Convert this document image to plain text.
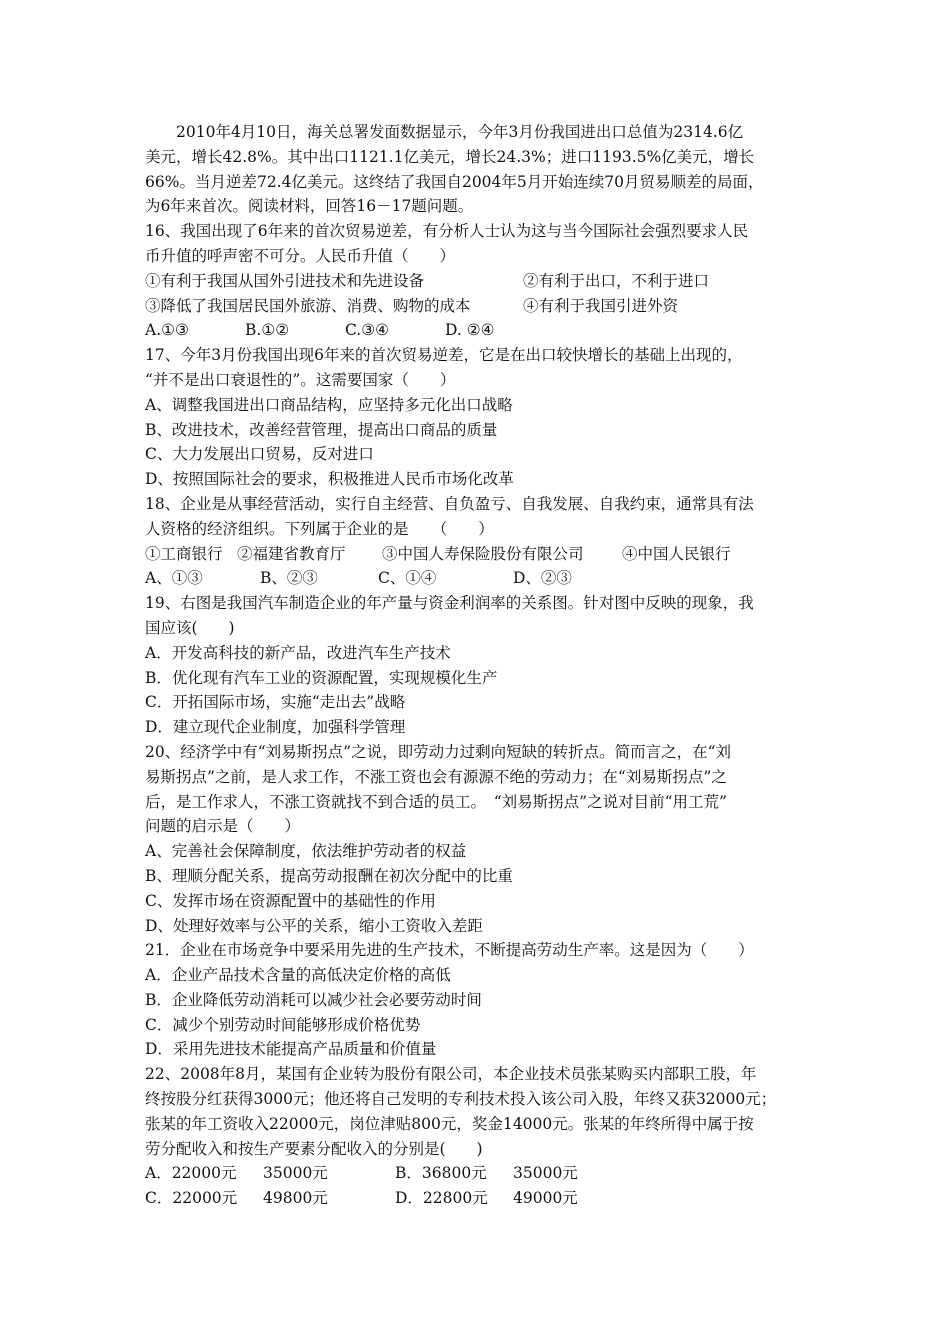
2010年4月10日，海关总署发面数据显示，今年3月份我国进出口总值为2314.6亿

美元，增长42.8%。其中出口1121.1亿美元，增长24.3%；进口1193.5%亿美元，增长

66%。当月逆差72.4亿美元。这终结了我国自2004年5月开始连续70月贸易顺差的局面，

为6年来首次。阅读材料，回答16－17题问题。

16、我国出现了6年来的首次贸易逆差，有分析人士认为这与当今国际社会强烈要求人民

币升值的呼声密不可分。人民币升值（　　）

①有利于我国从国外引进技术和先进设备	②有利于出口，不利于进口
③降低了我国居民国外旅游、消费、购物的成本	④有利于我国引进外资
A.①③	B.①②	C.③④	D. ②④

17、今年3月份我国出现6年来的首次贸易逆差，它是在出口较快增长的基础上出现的，

“并不是出口衰退性的”。这需要国家（　　）

A、调整我国进出口商品结构，应坚持多元化出口战略

B、改进技术，改善经营管理，提高出口商品的质量

C、大力发展出口贸易，反对进口

D、按照国际社会的要求，积极推进人民币市场化改革

18、企业是从事经营活动，实行自主经营、自负盈亏、自我发展、自我约束，通常具有法

人资格的经济组织。下列属于企业的是　　（　　）

①工商银行 ②福建省教育厅	③中国人寿保险股份有限公司	④中国人民银行
A、①③	B、②③	C、①④	D、②③

19、右图是我国汽车制造企业的年产量与资金利润率的关系图。针对图中反映的现象，我

国应该(　　)

A．开发高科技的新产品，改进汽车生产技术

B．优化现有汽车工业的资源配置，实现规模化生产

C．开拓国际市场，实施“走出去”战略

D．建立现代企业制度，加强科学管理

20、经济学中有“刘易斯拐点”之说，即劳动力过剩向短缺的转折点。简而言之，在“刘

易斯拐点”之前，是人求工作，不涨工资也会有源源不绝的劳动力；在“刘易斯拐点”之

后，是工作求人，不涨工资就找不到合适的员工。　“刘易斯拐点”之说对目前“用工荒”

问题的启示是（　　）

A、完善社会保障制度，依法维护劳动者的权益

B、理顺分配关系，提高劳动报酬在初次分配中的比重

C、发挥市场在资源配置中的基础性的作用

D、处理好效率与公平的关系，缩小工资收入差距

21．企业在市场竞争中要采用先进的生产技术，不断提高劳动生产率。这是因为（　　）

A．企业产品技术含量的高低决定价格的高低

B．企业降低劳动消耗可以减少社会必要劳动时间

C．减少个别劳动时间能够形成价格优势

D．采用先进技术能提高产品质量和价值量

22、2008年8月，某国有企业转为股份有限公司，本企业技术员张某购买内部职工股，年

终按股分红获得3000元；他还将自己发明的专利技术投入该公司入股，年终又获32000元；

张某的年工资收入22000元，岗位津贴800元，奖金14000元。张某的年终所得中属于按

劳分配收入和按生产要素分配收入的分别是(　　)

A．22000元	35000元	B．36800元	35000元
C．22000元	49800元	D．22800元	49000元
